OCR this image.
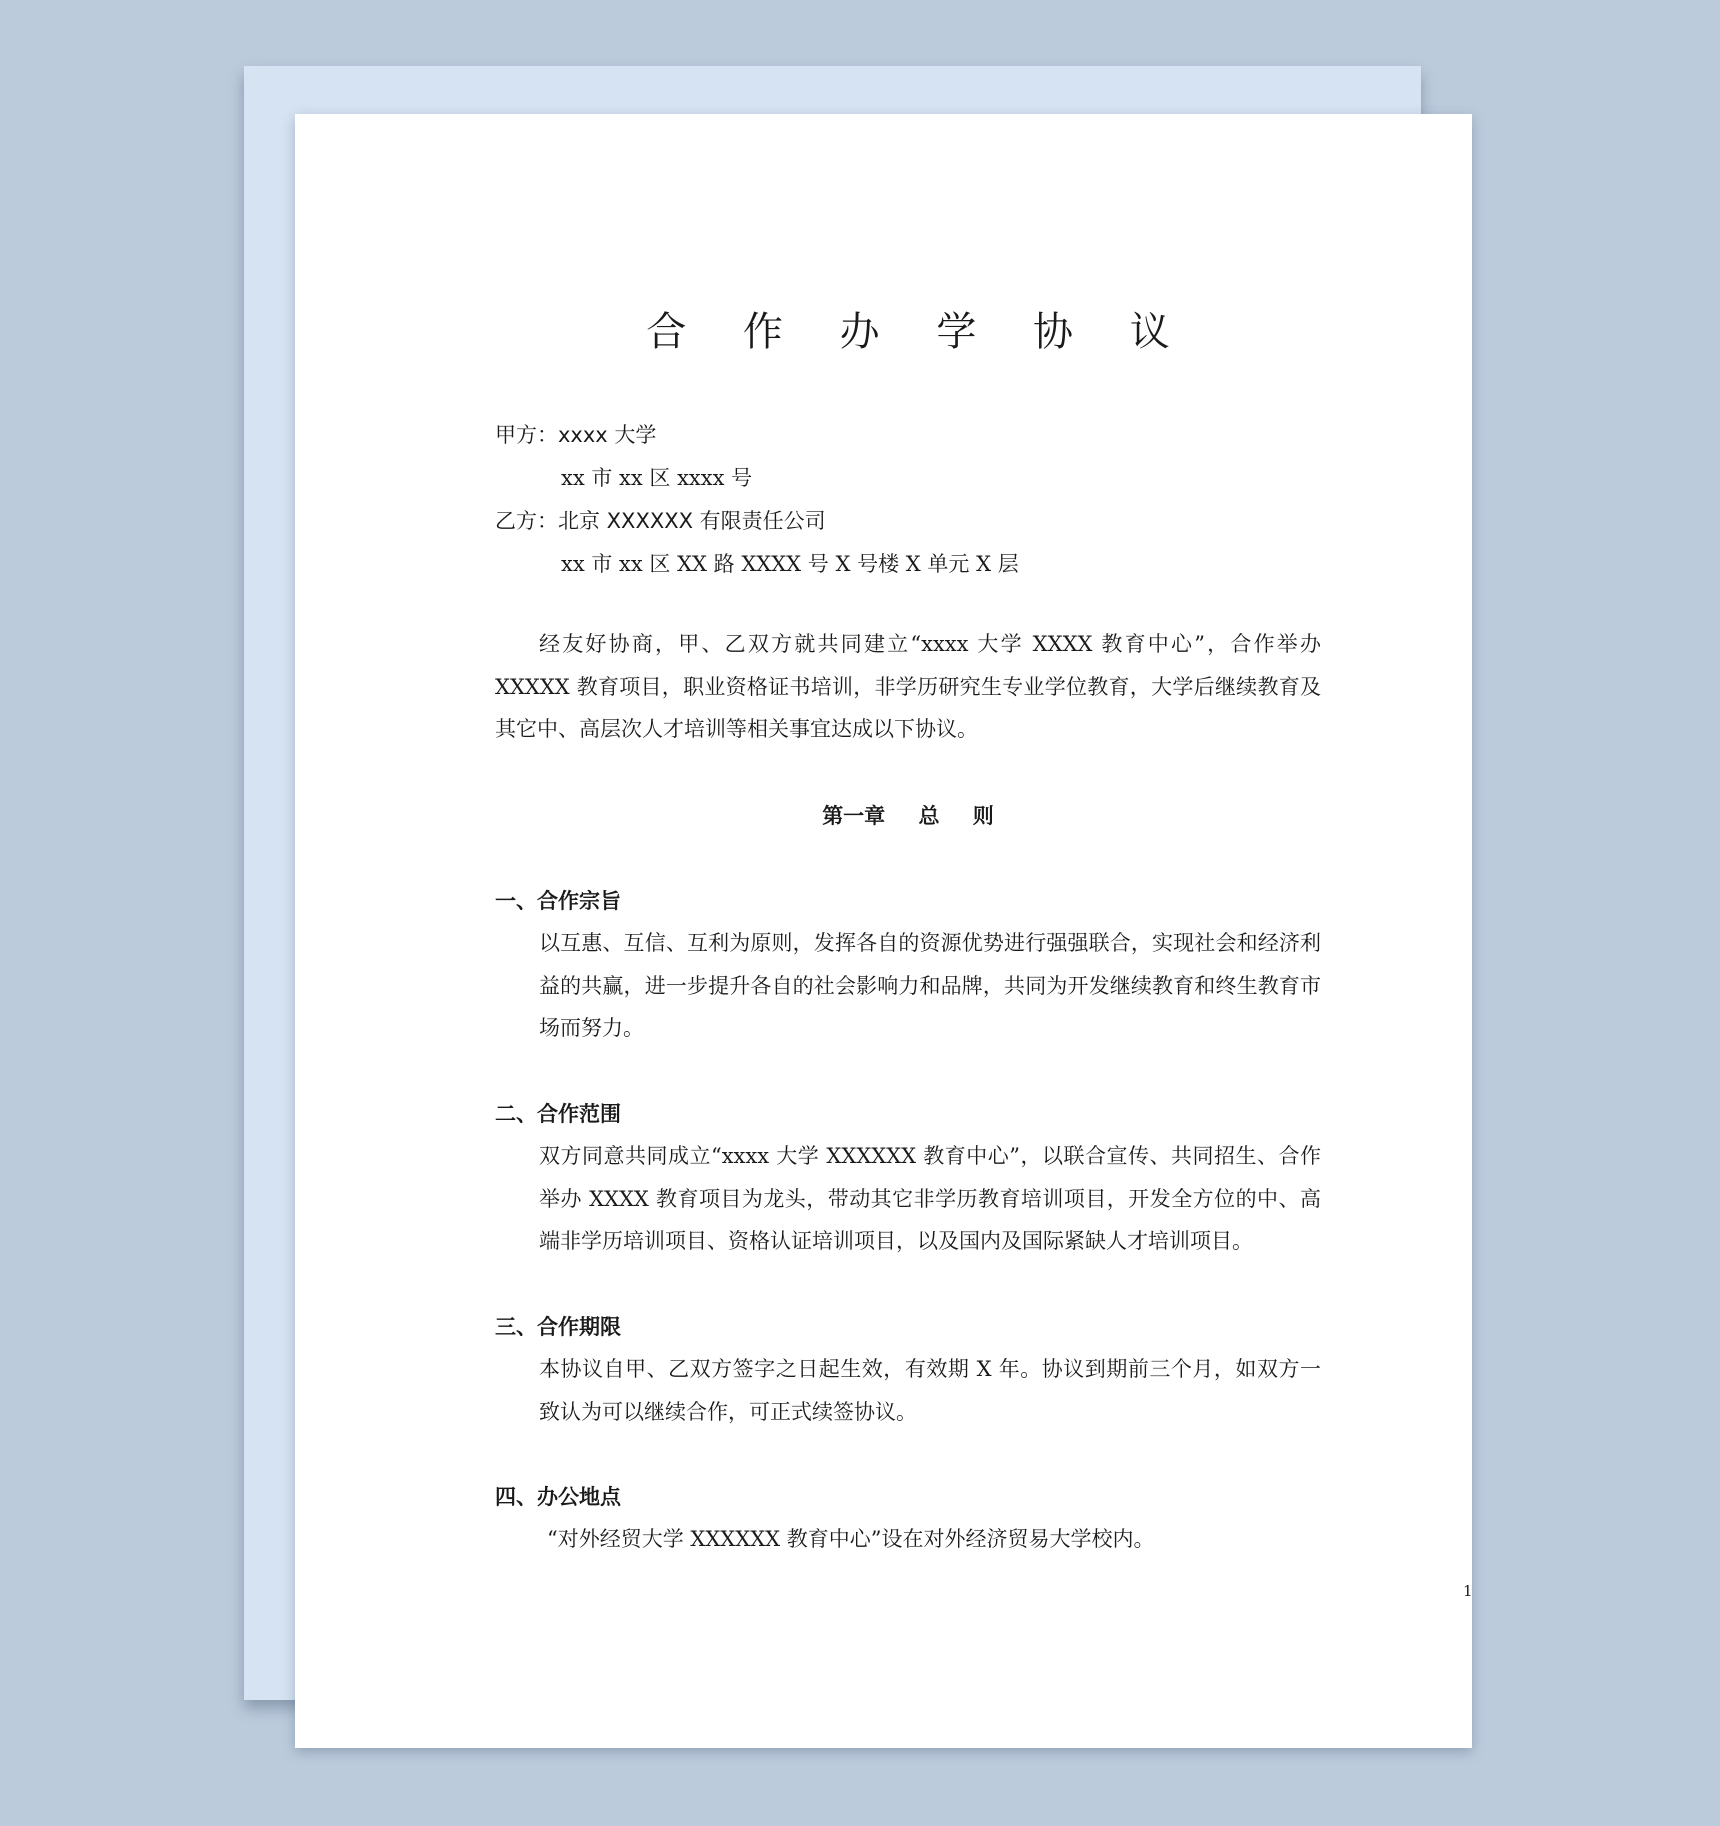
合 作 办 学 协 议
甲方：xxxx 大学
xx 市 xx 区 xxxx 号
乙方：北京 XXXXXX 有限责任公司
xx 市 xx 区 XX 路 XXXX 号 X 号楼 X 单元 X 层
经友好协商，甲、乙双方就共同建立“xxxx 大学 XXXX 教育中心”，合作举办 XXXXX 教育项目，职业资格证书培训，非学历研究生专业学位教育，大学后继续教育及其它中、高层次人才培训等相关事宜达成以下协议。
第一章 总 则
一、合作宗旨
以互惠、互信、互利为原则，发挥各自的资源优势进行强强联合，实现社会和经济利益的共赢，进一步提升各自的社会影响力和品牌，共同为开发继续教育和终生教育市场而努力。
二、合作范围
双方同意共同成立“xxxx 大学 XXXXXX 教育中心”，以联合宣传、共同招生、合作举办 XXXX 教育项目为龙头，带动其它非学历教育培训项目，开发全方位的中、高端非学历培训项目、资格认证培训项目，以及国内及国际紧缺人才培训项目。
三、合作期限
本协议自甲、乙双方签字之日起生效，有效期 X 年。协议到期前三个月，如双方一致认为可以继续合作，可正式续签协议。
四、办公地点
“对外经贸大学 XXXXXX 教育中心”设在对外经济贸易大学校内。
1
